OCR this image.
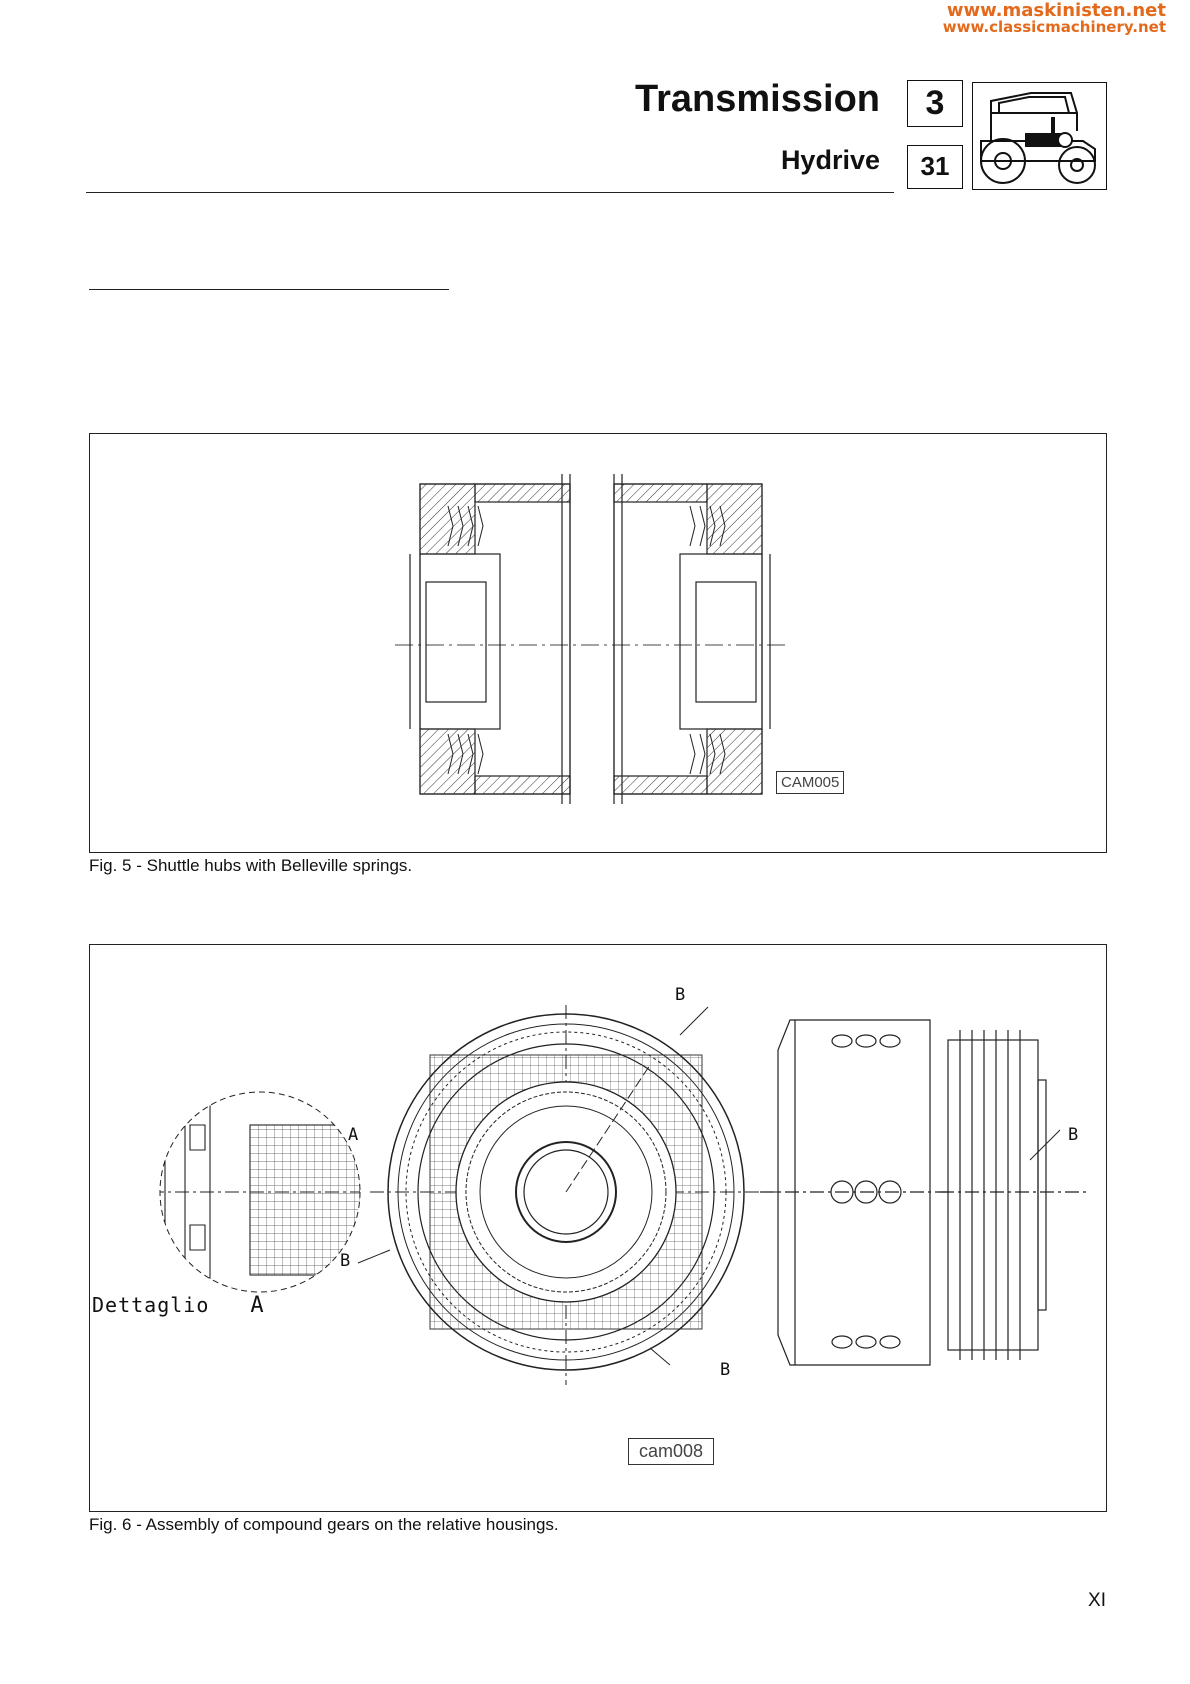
www.maskinisten.net
www.classicmachinery.net
Transmission
Hydrive
3
31
CAM005
Fig. 5 - Shuttle hubs with Belleville springs.
A
B
B
B
B
Dettaglio A
cam008
Fig. 6 - Assembly of compound gears on the relative housings.
XI
